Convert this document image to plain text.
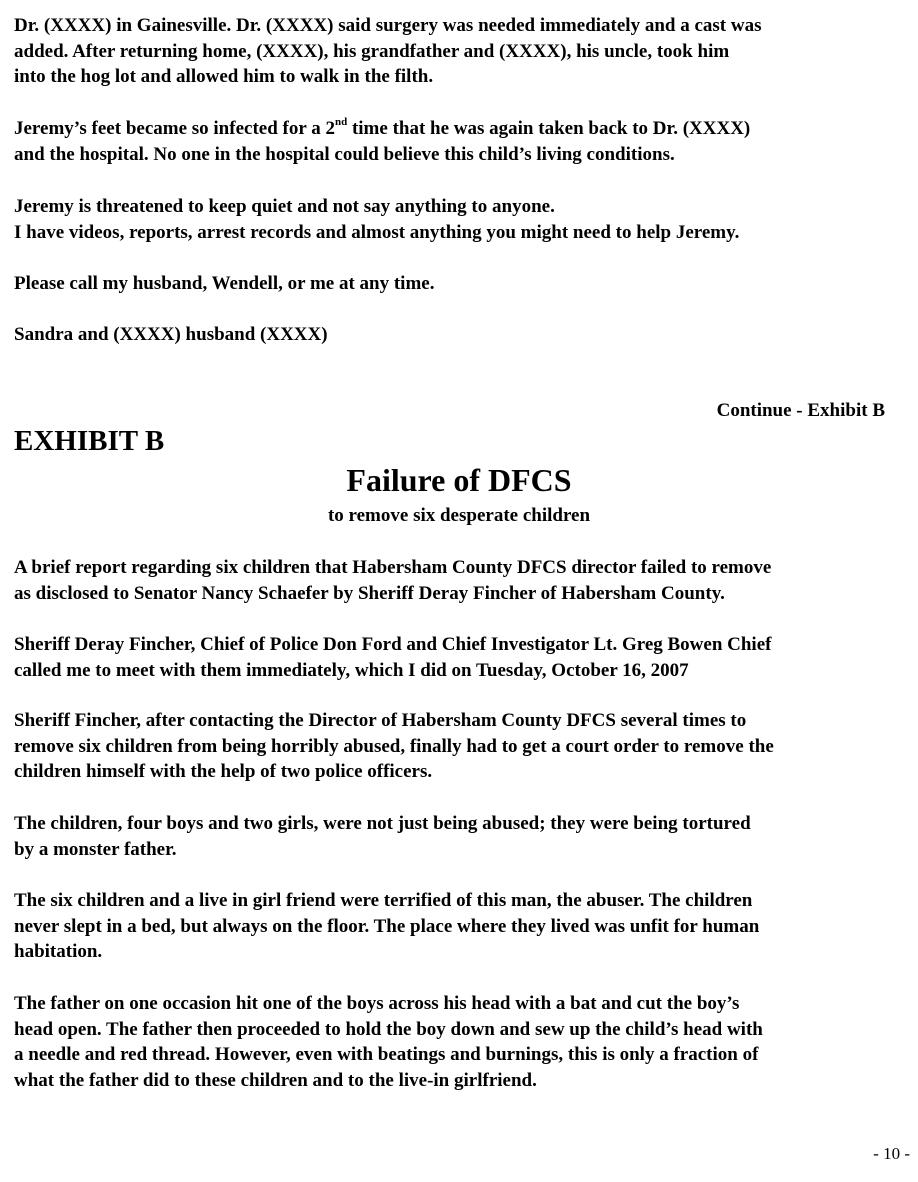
Dr. (XXXX) in Gainesville. Dr. (XXXX) said surgery was needed immediately and a cast was
added. After returning home, (XXXX), his grandfather and (XXXX), his uncle, took him
into the hog lot and allowed him to walk in the filth.

Jeremy’s feet became so infected for a 2nd time that he was again taken back to Dr. (XXXX)
and the hospital. No one in the hospital could believe this child’s living conditions.

Jeremy is threatened to keep quiet and not say anything to anyone.
I have videos, reports, arrest records and almost anything you might need to help Jeremy.

Please call my husband, Wendell, or me at any time.

Sandra and (XXXX) husband (XXXX)

Continue - Exhibit B
EXHIBIT B
Failure of DFCS
to remove six desperate children

A brief report regarding six children that Habersham County DFCS director failed to remove
as disclosed to Senator Nancy Schaefer by Sheriff Deray Fincher of Habersham County.

Sheriff Deray Fincher, Chief of Police Don Ford and Chief Investigator Lt. Greg Bowen Chief
called me to meet with them immediately, which I did on Tuesday, October 16, 2007

Sheriff Fincher, after contacting the Director of Habersham County DFCS several times to
remove six children from being horribly abused, finally had to get a court order to remove the
children himself with the help of two police officers.

The children, four boys and two girls, were not just being abused; they were being tortured
by a monster father.

The six children and a live in girl friend were terrified of this man, the abuser. The children
never slept in a bed, but always on the floor. The place where they lived was unfit for human
habitation.

The father on one occasion hit one of the boys across his head with a bat and cut the boy’s
head open. The father then proceeded to hold the boy down and sew up the child’s head with
a needle and red thread. However, even with beatings and burnings, this is only a fraction of
what the father did to these children and to the live-in girlfriend.

- 10 -
